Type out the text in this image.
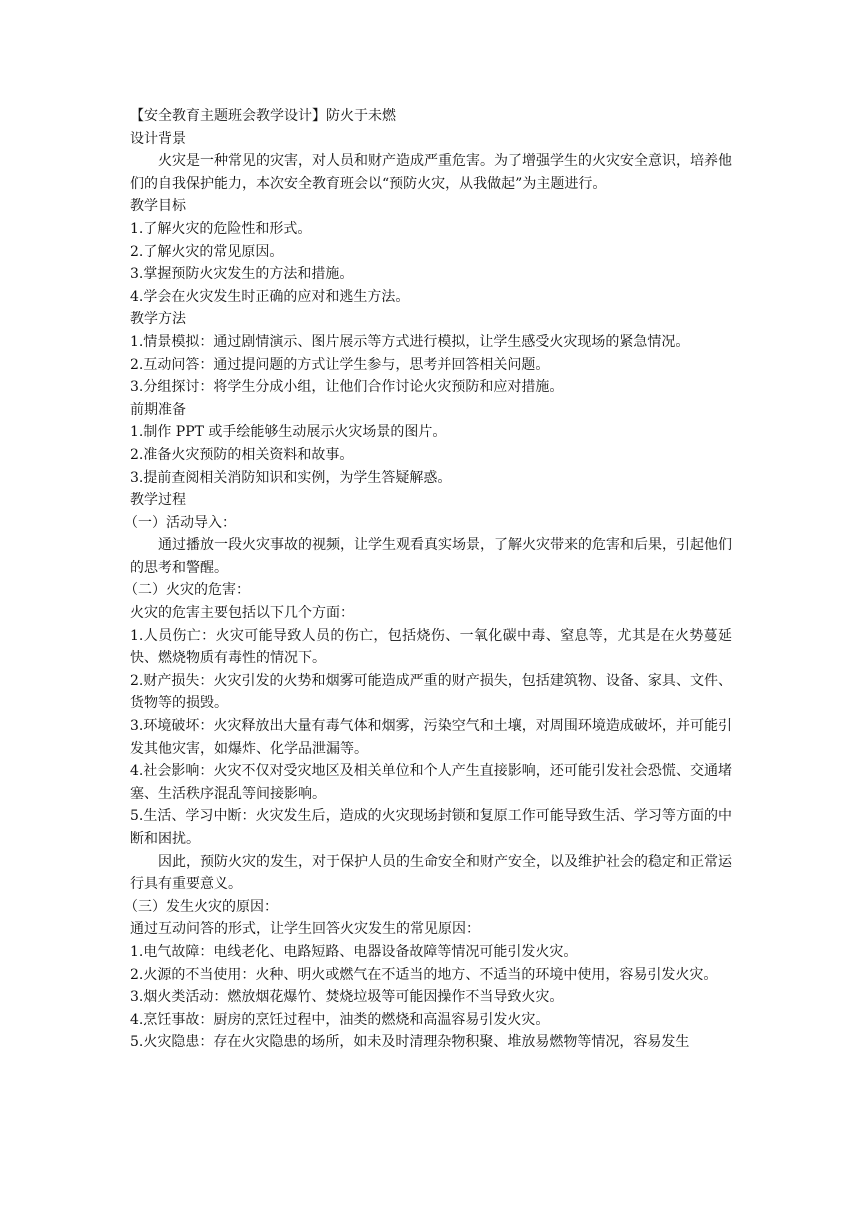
【安全教育主题班会教学设计】防火于未燃

设计背景

火灾是一种常见的灾害，对人员和财产造成严重危害。为了增强学生的火灾安全意识，培养他们的自我保护能力，本次安全教育班会以“预防火灾，从我做起”为主题进行。

教学目标

1.了解火灾的危险性和形式。

2.了解火灾的常见原因。

3.掌握预防火灾发生的方法和措施。

4.学会在火灾发生时正确的应对和逃生方法。

教学方法

1.情景模拟：通过剧情演示、图片展示等方式进行模拟，让学生感受火灾现场的紧急情况。

2.互动问答：通过提问题的方式让学生参与，思考并回答相关问题。

3.分组探讨：将学生分成小组，让他们合作讨论火灾预防和应对措施。

前期准备

1.制作 PPT 或手绘能够生动展示火灾场景的图片。

2.准备火灾预防的相关资料和故事。

3.提前查阅相关消防知识和实例，为学生答疑解惑。

教学过程

（一）活动导入：

通过播放一段火灾事故的视频，让学生观看真实场景，了解火灾带来的危害和后果，引起他们的思考和警醒。

（二）火灾的危害：

火灾的危害主要包括以下几个方面：

1.人员伤亡：火灾可能导致人员的伤亡，包括烧伤、一氧化碳中毒、窒息等，尤其是在火势蔓延快、燃烧物质有毒性的情况下。

2.财产损失：火灾引发的火势和烟雾可能造成严重的财产损失，包括建筑物、设备、家具、文件、货物等的损毁。

3.环境破坏：火灾释放出大量有毒气体和烟雾，污染空气和土壤，对周围环境造成破坏，并可能引发其他灾害，如爆炸、化学品泄漏等。

4.社会影响：火灾不仅对受灾地区及相关单位和个人产生直接影响，还可能引发社会恐慌、交通堵塞、生活秩序混乱等间接影响。

5.生活、学习中断：火灾发生后，造成的火灾现场封锁和复原工作可能导致生活、学习等方面的中断和困扰。

因此，预防火灾的发生，对于保护人员的生命安全和财产安全，以及维护社会的稳定和正常运行具有重要意义。

（三）发生火灾的原因：

通过互动问答的形式，让学生回答火灾发生的常见原因：

1.电气故障：电线老化、电路短路、电器设备故障等情况可能引发火灾。

2.火源的不当使用：火种、明火或燃气在不适当的地方、不适当的环境中使用，容易引发火灾。

3.烟火类活动：燃放烟花爆竹、焚烧垃圾等可能因操作不当导致火灾。

4.烹饪事故：厨房的烹饪过程中，油类的燃烧和高温容易引发火灾。

5.火灾隐患：存在火灾隐患的场所，如未及时清理杂物积聚、堆放易燃物等情况，容易发生
